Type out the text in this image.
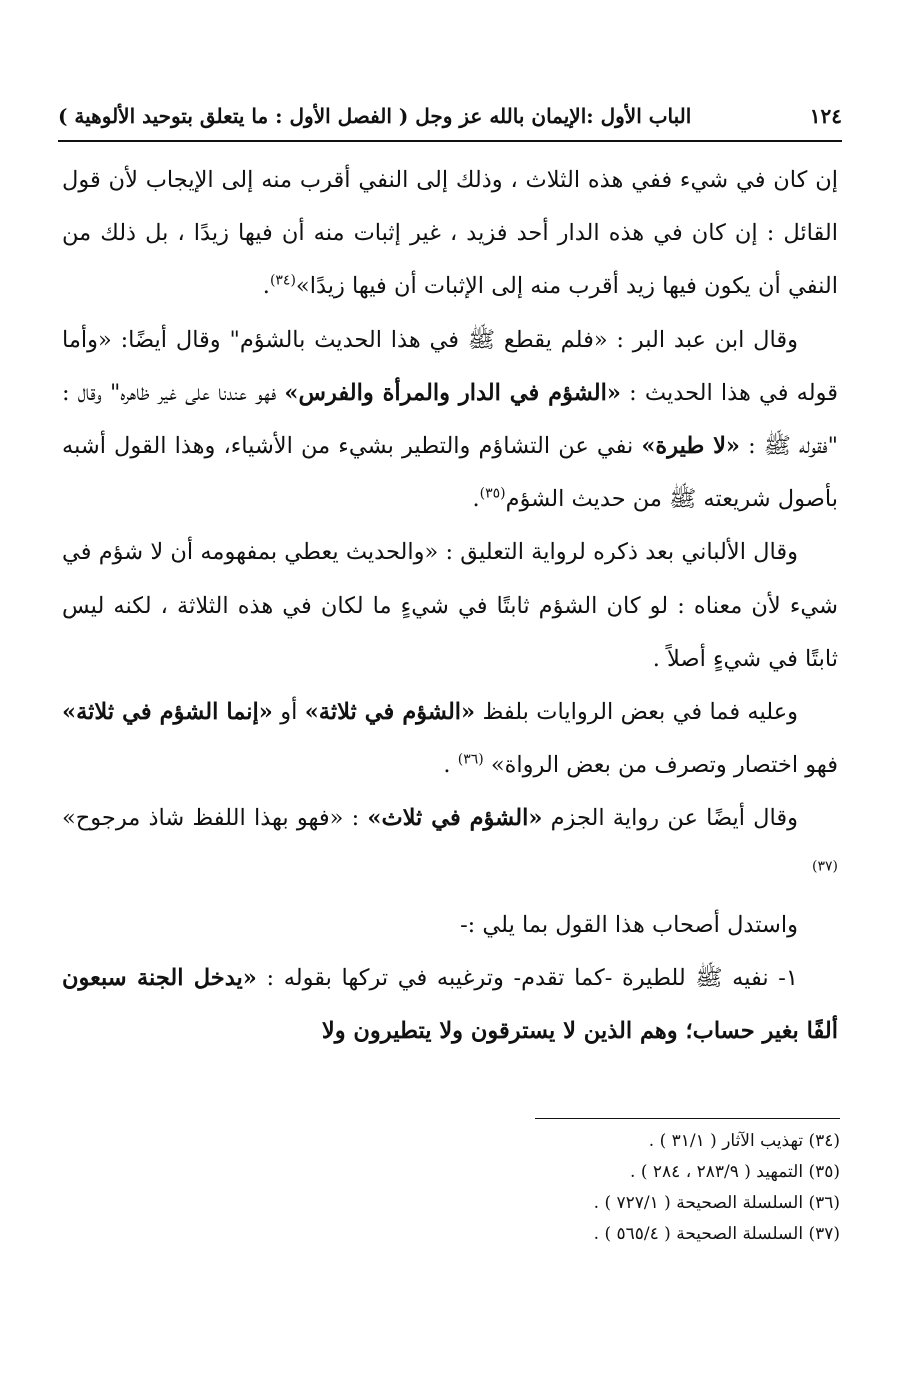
١٢٤
الباب الأول :الإيمان بالله عز وجل ( الفصل الأول : ما يتعلق بتوحيد الألوهية )

إن كان في شيء ففي هذه الثلاث ، وذلك إلى النفي أقرب منه إلى الإيجاب لأن قول القائل : إن كان في هذه الدار أحد فزيد ، غير إثبات منه أن فيها زيدًا ، بل ذلك من النفي أن يكون فيها زيد أقرب منه إلى الإثبات أن فيها زيدًا»$^{(٣٤)}$.

وقال ابن عبد البر : «فلم يقطع ﷺ في هذا الحديث بالشؤم" وقال أيضًا: «وأما قوله في هذا الحديث : «الشؤم في الدار والمرأة والفرس» فهو عندنا على غير ظاهره" وقال : "فقوله ﷺ : «لا طيرة» نفي عن التشاؤم والتطير بشيء من الأشياء، وهذا القول أشبه بأصول شريعته ﷺ من حديث الشؤم$^{(٣٥)}$.

وقال الألباني بعد ذكره لرواية التعليق : «والحديث يعطي بمفهومه أن لا شؤم في شيء لأن معناه : لو كان الشؤم ثابتًا في شيءٍ ما لكان في هذه الثلاثة ، لكنه ليس ثابتًا في شيءٍ أصلاً .

وعليه فما في بعض الروايات بلفظ «الشؤم في ثلاثة» أو «إنما الشؤم في ثلاثة» فهو اختصار وتصرف من بعض الرواة» $^{(٣٦)}$ .

وقال أيضًا عن رواية الجزم «الشؤم في ثلاث» : «فهو بهذا اللفظ شاذ مرجوح» $^{(٣٧)}$

واستدل أصحاب هذا القول بما يلي :-

١- نفيه ﷺ للطيرة -كما تقدم- وترغيبه في تركها بقوله : «يدخل الجنة سبعون ألفًا بغير حساب؛ وهم الذين لا يسترقون ولا يتطيرون ولا

(٣٤) تهذيب الآثار ( ٣١/١ ) .
(٣٥) التمهيد ( ٢٨٣/٩ ، ٢٨٤ ) .
(٣٦) السلسلة الصحيحة ( ٧٢٧/١ ) .
(٣٧) السلسلة الصحيحة ( ٥٦٥/٤ ) .
